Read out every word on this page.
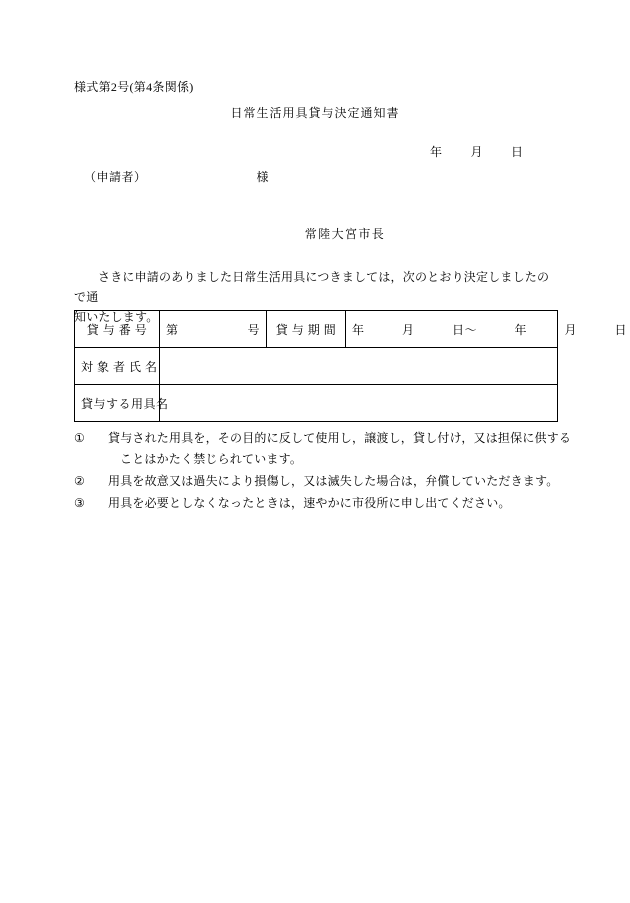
様式第2号(第4条関係)
日常生活用具貸与決定通知書
年 月 日
（申請者）	様
常陸大宮市長
さきに申請のありました日常生活用具につきましては，次のとおり決定しましたので通
知いたします。
貸 与 番 号	第 号	貸 与 期 間	年　　　月　　　日〜　　　年　　　月　　　日
対 象 者 氏 名			
貸与する用具名			
① 貸与された用具を，その目的に反して使用し，譲渡し，貸し付け，又は担保に供する
ことはかたく禁じられています。
② 用具を故意又は過失により損傷し，又は滅失した場合は，弁償していただきます。
③ 用具を必要としなくなったときは，速やかに市役所に申し出てください。
